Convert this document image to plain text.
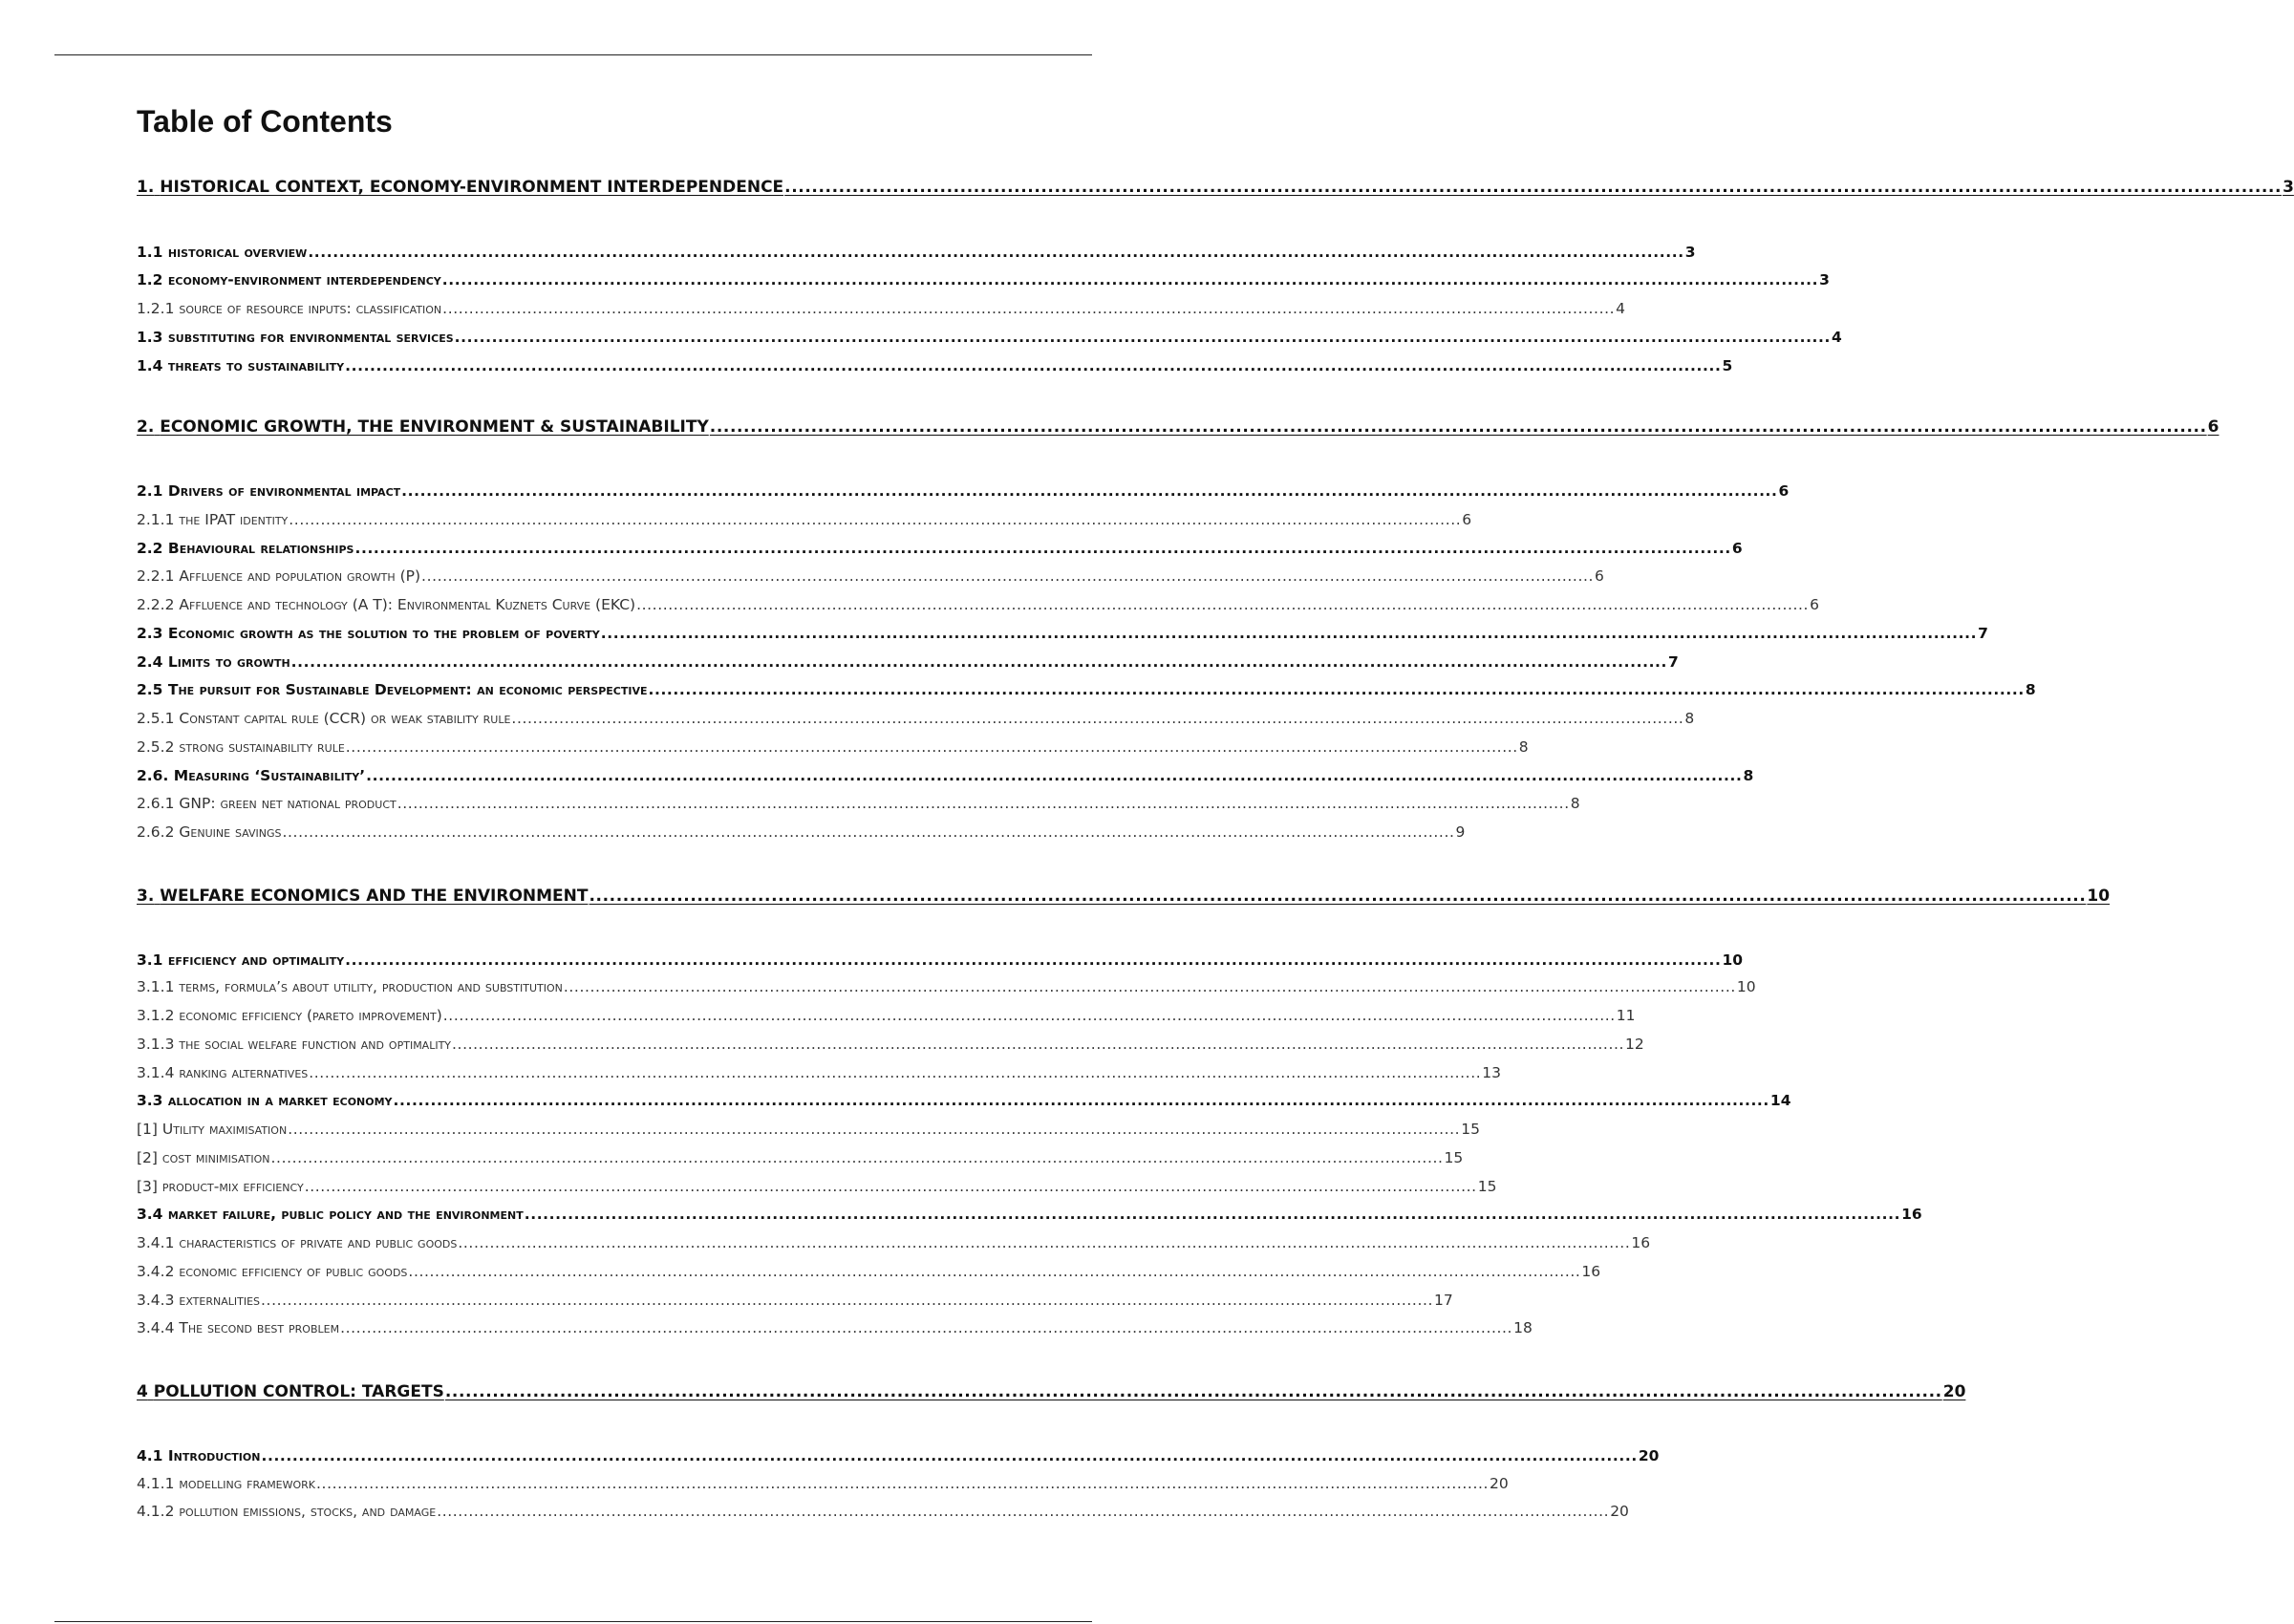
Table of Contents
1.
HISTORICAL CONTEXT, ECONOMY-ENVIRONMENT INTERDEPENDENCE .............................................................................................................................................................................................................................. 3
1.1
historical overview .............................................................................................................................................................................................................................. 3
1.2
economy-environment interdependency .............................................................................................................................................................................................................................. 3
1.2.1
source of resource inputs: classification .............................................................................................................................................................................................................................. 4
1.3
substituting for environmental services .............................................................................................................................................................................................................................. 4
1.4
threats to sustainability .............................................................................................................................................................................................................................. 5
2.
ECONOMIC GROWTH, THE ENVIRONMENT & SUSTAINABILITY .............................................................................................................................................................................................................................. 6
2.1
Drivers of environmental impact .............................................................................................................................................................................................................................. 6
2.1.1
the IPAT identity .............................................................................................................................................................................................................................. 6
2.2
Behavioural relationships .............................................................................................................................................................................................................................. 6
2.2.1
Affluence and population growth (P) .............................................................................................................................................................................................................................. 6
2.2.2
Affluence and technology (A T): Environmental Kuznets Curve (EKC) .............................................................................................................................................................................................................................. 6
2.3
Economic growth as the solution to the problem of poverty .............................................................................................................................................................................................................................. 7
2.4
Limits to growth .............................................................................................................................................................................................................................. 7
2.5
The pursuit for Sustainable Development: an economic perspective .............................................................................................................................................................................................................................. 8
2.5.1
Constant capital rule (CCR) or weak stability rule .............................................................................................................................................................................................................................. 8
2.5.2
strong sustainability rule .............................................................................................................................................................................................................................. 8
2.6.
Measuring ‘Sustainability’ .............................................................................................................................................................................................................................. 8
2.6.1
GNP: green net national product .............................................................................................................................................................................................................................. 8
2.6.2
Genuine savings .............................................................................................................................................................................................................................. 9
3.
WELFARE ECONOMICS AND THE ENVIRONMENT .............................................................................................................................................................................................................................. 10
3.1
efficiency and optimality .............................................................................................................................................................................................................................. 10
3.1.1
terms, formula’s about utility, production and substitution .............................................................................................................................................................................................................................. 10
3.1.2
economic efficiency (pareto improvement) .............................................................................................................................................................................................................................. 11
3.1.3
the social welfare function and optimality .............................................................................................................................................................................................................................. 12
3.1.4
ranking alternatives .............................................................................................................................................................................................................................. 13
3.3
allocation in a market economy .............................................................................................................................................................................................................................. 14
[1]
Utility maximisation .............................................................................................................................................................................................................................. 15
[2]
cost minimisation .............................................................................................................................................................................................................................. 15
[3]
product-mix efficiency .............................................................................................................................................................................................................................. 15
3.4
market failure, public policy and the environment .............................................................................................................................................................................................................................. 16
3.4.1
characteristics of private and public goods .............................................................................................................................................................................................................................. 16
3.4.2
economic efficiency of public goods .............................................................................................................................................................................................................................. 16
3.4.3
externalities .............................................................................................................................................................................................................................. 17
3.4.4
The second best problem .............................................................................................................................................................................................................................. 18
4
POLLUTION CONTROL: TARGETS .............................................................................................................................................................................................................................. 20
4.1
Introduction .............................................................................................................................................................................................................................. 20
4.1.1
modelling framework .............................................................................................................................................................................................................................. 20
4.1.2
pollution emissions, stocks, and damage .............................................................................................................................................................................................................................. 20
